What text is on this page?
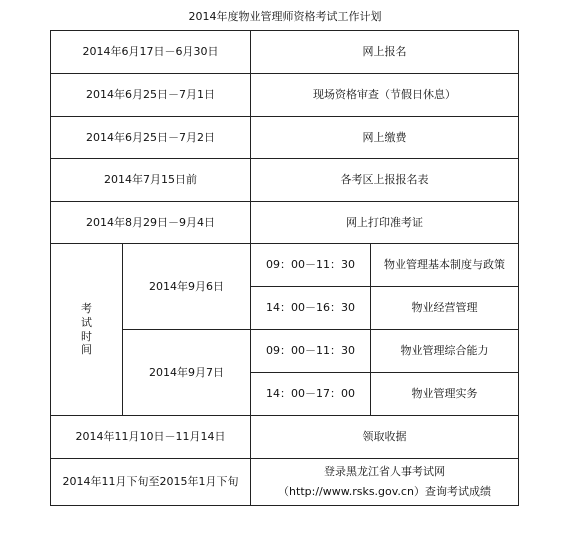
2014年度物业管理师资格考试工作计划
2014年6月17日－6月30日		网上报名	
2014年6月25日－7月1日		现场资格审查（节假日休息）	
2014年6月25日－7月2日		网上缴费	
2014年7月15日前		各考区上报报名表	
2014年8月29日－9月4日		网上打印准考证	

考
试
时
间	2014年9月6日	09：00－11：30	物业管理基本制度与政策
		14：00－16：30	物业经营管理
	2014年9月7日	09：00－11：30	物业管理综合能力
		14：00－17：00	物业管理实务
2014年11月10日－11月14日		领取收据	
2014年11月下旬至2015年1月下旬		登录黑龙江省人事考试网
（http://www.rsks.gov.cn）查询考试成绩	
